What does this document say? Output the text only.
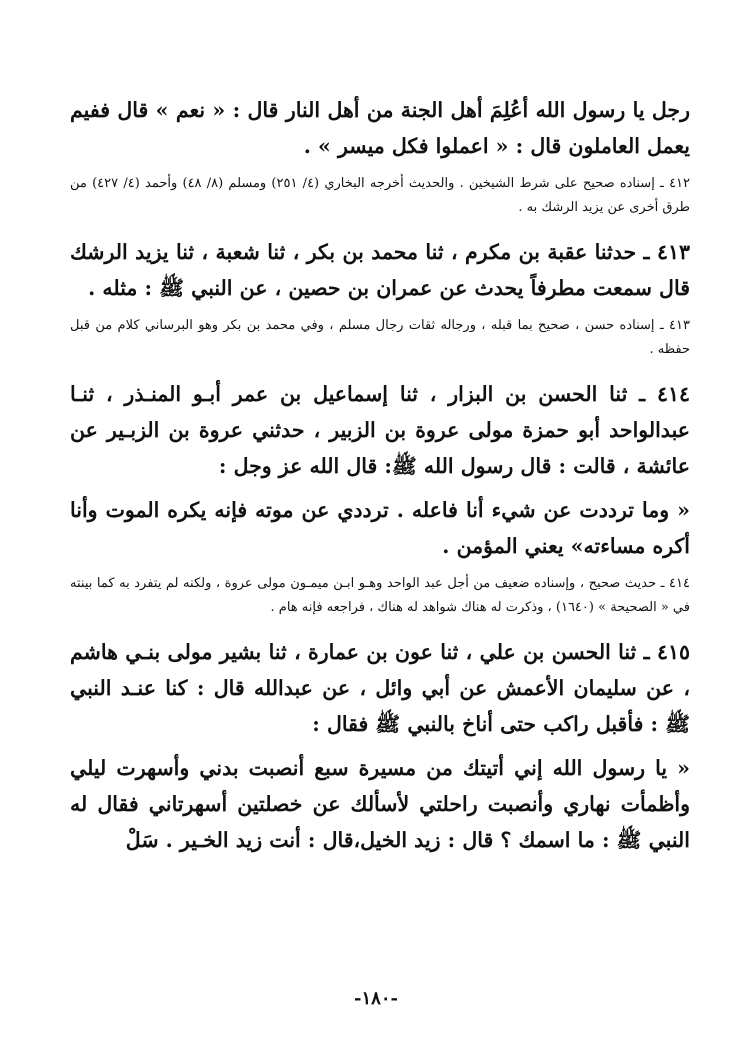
رجل يا رسول الله أعُلِمَ أهل الجنة من أهل النار قال : « نعم » قال ففيم يعمل العاملون قال : « اعملوا فكل ميسر » .

٤١٢ ـ إسناده صحيح على شرط الشيخين . والحديث أخرجه البخاري (٤/ ٢٥١) ومسلم (٨/ ٤٨) وأحمد (٤/ ٤٢٧) من طرق أخرى عن يزيد الرشك به .

٤١٣ ـ حدثنا عقبة بن مكرم ، ثنا محمد بن بكر ، ثنا شعبة ، ثنا يزيد الرشك قال سمعت مطرفاً يحدث عن عمران بن حصين ، عن النبي ﷺ : مثله .

٤١٣ ـ إسناده حسن ، صحيح بما قبله ، ورجاله ثقات رجال مسلم ، وفي محمد بن بكر وهو البرساني كلام من قبل حفظه .

٤١٤ ـ ثنا الحسن بن البزار ، ثنا إسماعيل بن عمر أبـو المنـذر ، ثنـا عبدالواحد أبو حمزة مولى عروة بن الزبير ، حدثني عروة بن الزبـير عن عائشة ، قالت : قال رسول الله ﷺ: قال الله عز وجل :

« وما ترددت عن شيء أنا فاعله . ترددي عن موته فإنه يكره الموت وأنا أكره مساءته» يعني المؤمن .

٤١٤ ـ حديث صحيح ، وإسناده ضعيف من أجل عبد الواحد وهـو ابـن ميمـون مولى عروة ، ولكنه لم يتفرد به كما بينته في « الصحيحة » (١٦٤٠) ، وذكرت له هناك شواهد له هناك ، فراجعه فإنه هام .

٤١٥ ـ ثنا الحسن بن علي ، ثنا عون بن عمارة ، ثنا بشير مولى بنـي هاشم ، عن سليمان الأعمش عن أبي وائل ، عن عبدالله قال : كنا عنـد النبي ﷺ : فأقبل راكب حتى أناخ بالنبي ﷺ فقال :

« يا رسول الله إني أتيتك من مسيرة سبع أنصبت بدني وأسهرت ليلي وأظمأت نهاري وأنصبت راحلتي لأسألك عن خصلتين أسهرتاني فقال له النبي ﷺ : ما اسمك ؟ قال : زيد الخيل،قال : أنت زيد الخـير . سَلْ

-١٨٠-
